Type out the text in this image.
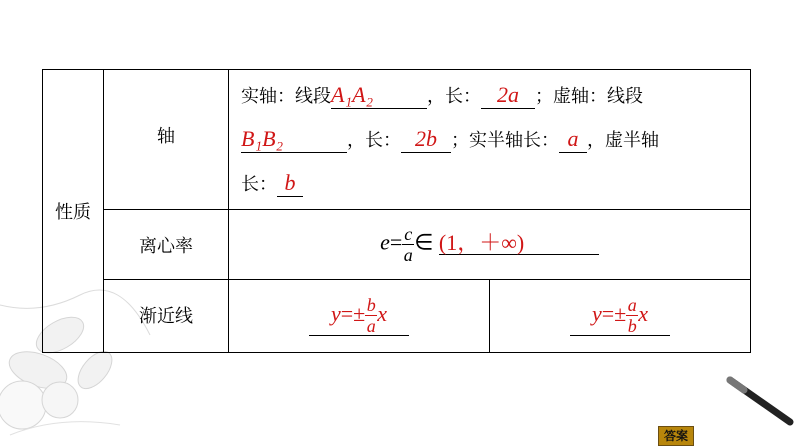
性质	轴	实轴：线段A₁A₂ ，长： 2a ；虚轴：线段
B₁B₂ ，长： 2b ；实半轴长： a ，虚半轴
长： b	

	离心率	$e= \frac{c}{a}$ ∈ (1，＋∞)	
	渐近线	$y=\pm \frac{b}{a}$ x	$y=\pm \frac{a}{b}$ x
答案
